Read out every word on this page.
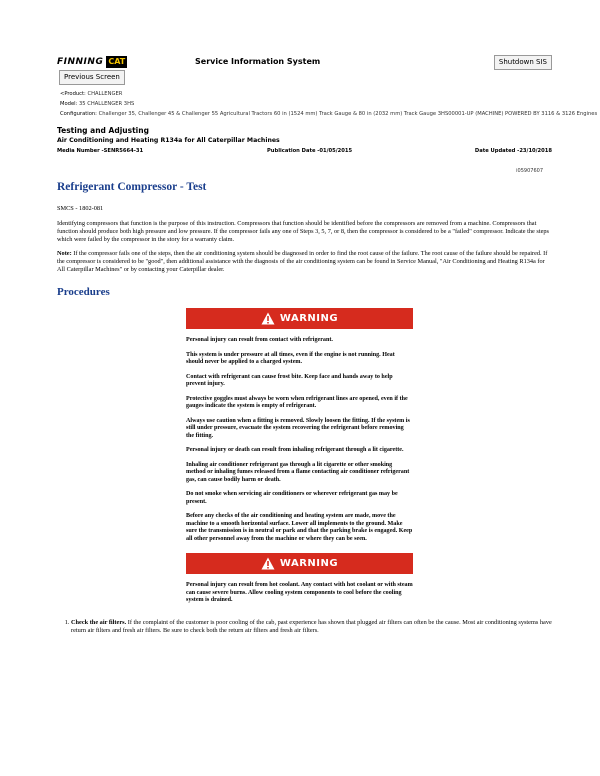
FINNING CAT	Service Information System
Previous Screen
Shutdown SIS
<Product: CHALLENGER
Model: 35 CHALLENGER 3HS
Configuration: Challenger 35, Challenger 45 & Challenger 55 Agricultural Tractors 60 in (1524 mm) Track Gauge & 80 in (2032 mm) Track Gauge 3HS00001-UP (MACHINE) POWERED BY 3116 & 3126 Engines
Testing and Adjusting
Air Conditioning and Heating R134a for All Caterpillar Machines
Media Number -SENR5664-31	Publication Date -01/05/2015	Date Updated -23/10/2018
i05907607
Refrigerant Compressor - Test
SMCS - 1802-081

Identifying compressors that function is the purpose of this instruction. Compressors that function should be identified before the compressors are removed from a machine. Compressors that function should produce both high pressure and low pressure. If the compressor fails any one of Steps 3, 5, 7, or 8, then the compressor is considered to be a "failed" compressor. Indicate the steps which were failed by the compressor in the story for a warranty claim.

Note: If the compressor fails one of the steps, then the air conditioning system should be diagnosed in order to find the root cause of the failure. The root cause of the failure should be repaired. If the compressor is considered to be "good", then additional assistance with the diagnosis of the air conditioning system can be found in Service Manual, "Air Conditioning and Heating R134a for All Caterpillar Machines" or by contacting your Caterpillar dealer.

Procedures
WARNING

Personal injury can result from contact with refrigerant.

This system is under pressure at all times, even if the engine is not running. Heat should never be applied to a charged system.

Contact with refrigerant can cause frost bite. Keep face and hands away to help prevent injury.

Protective goggles must always be worn when refrigerant lines are opened, even if the gauges indicate the system is empty of refrigerant.

Always use caution when a fitting is removed. Slowly loosen the fitting. If the system is still under pressure, evacuate the system recovering the refrigerant before removing the fitting.

Personal injury or death can result from inhaling refrigerant through a lit cigarette.

Inhaling air conditioner refrigerant gas through a lit cigarette or other smoking method or inhaling fumes released from a flame contacting air conditioner refrigerant gas, can cause bodily harm or death.

Do not smoke when servicing air conditioners or wherever refrigerant gas may be present.

Before any checks of the air conditioning and heating system are made, move the machine to a smooth horizontal surface. Lower all implements to the ground. Make sure the transmission is in neutral or park and that the parking brake is engaged. Keep all other personnel away from the machine or where they can be seen.

WARNING

Personal injury can result from hot coolant. Any contact with hot coolant or with steam can cause severe burns. Allow cooling system components to cool before the cooling system is drained.

1. Check the air filters. If the complaint of the customer is poor cooling of the cab, past experience has shown that plugged air filters can often be the cause. Most air conditioning systems have return air filters and fresh air filters. Be sure to check both the return air filters and fresh air filters.
